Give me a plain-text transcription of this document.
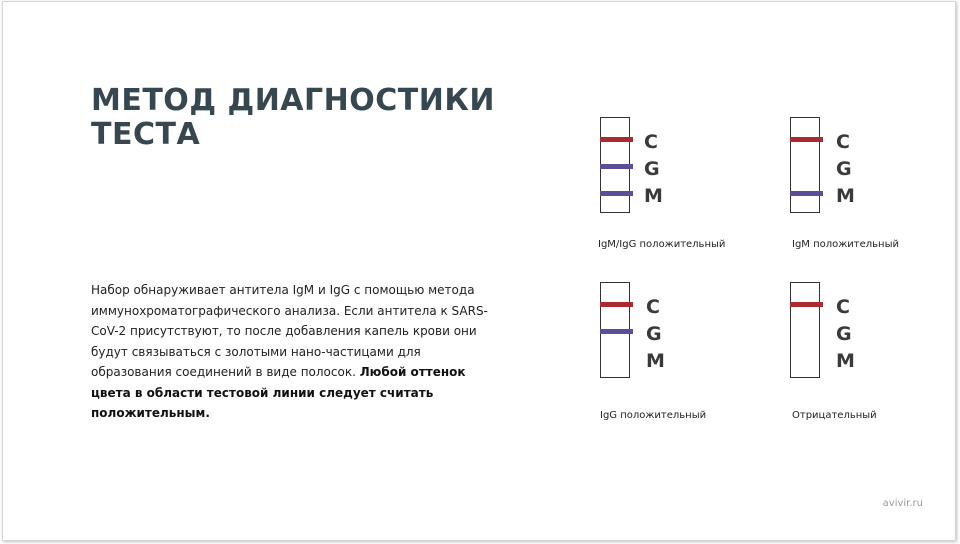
МЕТОД ДИАГНОСТИКИ
ТЕСТА
Набор обнаруживает антитела IgM и IgG с помощью метода иммунохроматографического анализа. Если антитела к SARS-CoV-2 присутствуют, то после добавления капель крови они будут связываться с золотыми нано-частицами для образования соединений в виде полосок. Любой оттенок цвета в области тестовой линии следует считать положительным.
C
G
M
IgM/IgG положительный
C
G
M
IgM положительный
C
G
M
IgG положительный
C
G
M
Отрицательный
avivir.ru
